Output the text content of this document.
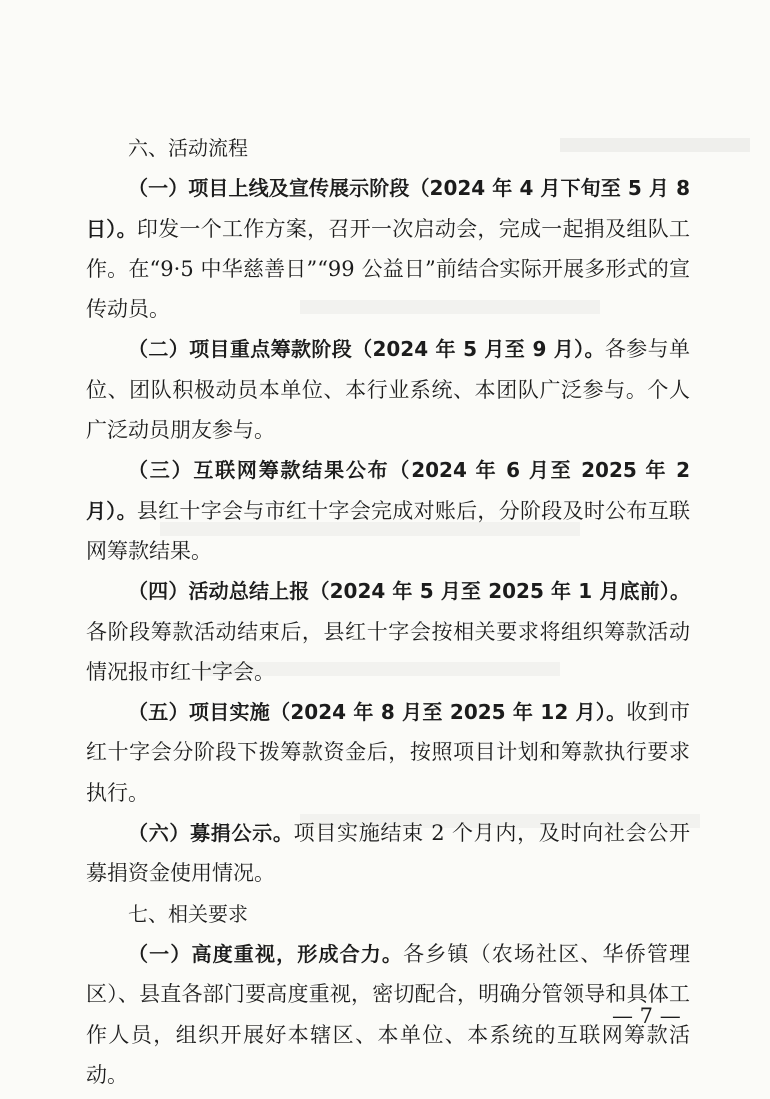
六、活动流程

（一）项目上线及宣传展示阶段（2024 年 4 月下旬至 5 月 8 日）。印发一个工作方案，召开一次启动会，完成一起捐及组队工作。在“9·5 中华慈善日”“99 公益日”前结合实际开展多形式的宣传动员。

（二）项目重点筹款阶段（2024 年 5 月至 9 月）。各参与单位、团队积极动员本单位、本行业系统、本团队广泛参与。个人广泛动员朋友参与。

（三）互联网筹款结果公布（2024 年 6 月至 2025 年 2 月）。县红十字会与市红十字会完成对账后，分阶段及时公布互联网筹款结果。

（四）活动总结上报（2024 年 5 月至 2025 年 1 月底前）。各阶段筹款活动结束后，县红十字会按相关要求将组织筹款活动情况报市红十字会。

（五）项目实施（2024 年 8 月至 2025 年 12 月）。收到市红十字会分阶段下拨筹款资金后，按照项目计划和筹款执行要求执行。

（六）募捐公示。项目实施结束 2 个月内，及时向社会公开募捐资金使用情况。

七、相关要求

（一）高度重视，形成合力。各乡镇（农场社区、华侨管理区）、县直各部门要高度重视，密切配合，明确分管领导和具体工作人员，组织开展好本辖区、本单位、本系统的互联网筹款活动。

— 7 —
